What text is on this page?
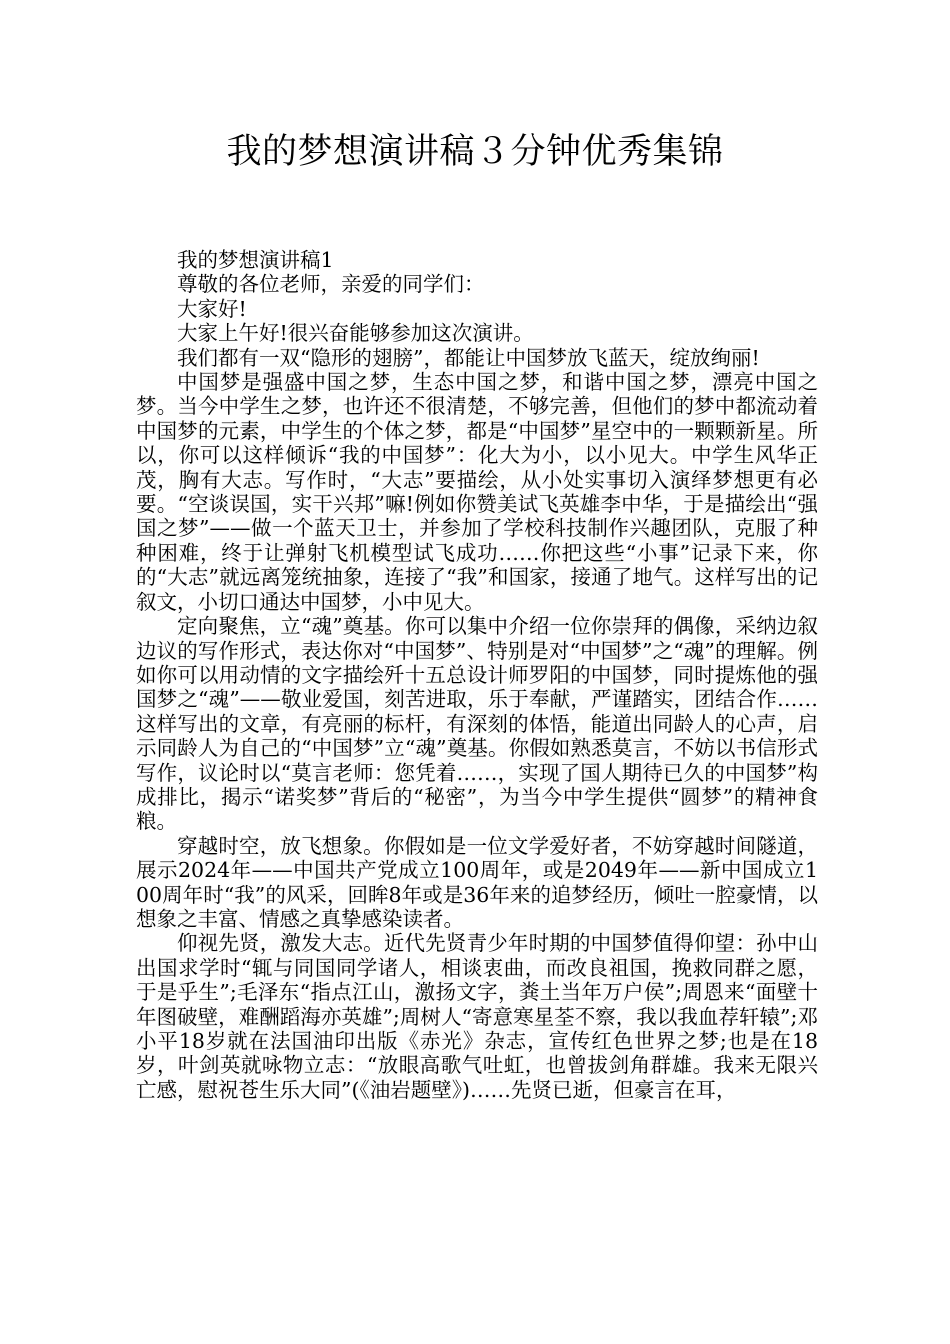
我的梦想演讲稿３分钟优秀集锦

我的梦想演讲稿1

尊敬的各位老师，亲爱的同学们：

大家好!

大家上午好!很兴奋能够参加这次演讲。

我们都有一双“隐形的翅膀”，都能让中国梦放飞蓝天，绽放绚丽!

中国梦是强盛中国之梦，生态中国之梦，和谐中国之梦，漂亮中国之梦。当今中学生之梦，也许还不很清楚，不够完善，但他们的梦中都流动着中国梦的元素，中学生的个体之梦，都是“中国梦”星空中的一颗颗新星。所以，你可以这样倾诉“我的中国梦”：化大为小，以小见大。中学生风华正茂，胸有大志。写作时，“大志”要描绘，从小处实事切入演绎梦想更有必要。“空谈误国，实干兴邦”嘛!例如你赞美试飞英雄李中华，于是描绘出“强国之梦”——做一个蓝天卫士，并参加了学校科技制作兴趣团队，克服了种种困难，终于让弹射飞机模型试飞成功……你把这些“小事”记录下来，你的“大志”就远离笼统抽象，连接了“我”和国家，接通了地气。这样写出的记叙文，小切口通达中国梦，小中见大。

定向聚焦，立“魂”奠基。你可以集中介绍一位你崇拜的偶像，采纳边叙边议的写作形式，表达你对“中国梦”、特别是对“中国梦”之“魂”的理解。例如你可以用动情的文字描绘歼十五总设计师罗阳的中国梦，同时提炼他的强国梦之“魂”——敬业爱国，刻苦进取，乐于奉献，严谨踏实，团结合作……这样写出的文章，有亮丽的标杆，有深刻的体悟，能道出同龄人的心声，启示同龄人为自己的“中国梦”立“魂”奠基。你假如熟悉莫言，不妨以书信形式写作，议论时以“莫言老师：您凭着……，实现了国人期待已久的中国梦”构成排比，揭示“诺奖梦”背后的“秘密”，为当今中学生提供“圆梦”的精神食粮。

穿越时空，放飞想象。你假如是一位文学爱好者，不妨穿越时间隧道，展示2024年——中国共产党成立100周年，或是2049年——新中国成立100周年时“我”的风采，回眸8年或是36年来的追梦经历，倾吐一腔豪情，以想象之丰富、情感之真挚感染读者。

仰视先贤，激发大志。近代先贤青少年时期的中国梦值得仰望：孙中山出国求学时“辄与同国同学诸人，相谈衷曲，而改良祖国，挽救同群之愿，于是乎生”;毛泽东“指点江山，激扬文字，粪土当年万户侯”;周恩来“面壁十年图破壁，难酬蹈海亦英雄”;周树人“寄意寒星荃不察，我以我血荐轩辕”;邓小平18岁就在法国油印出版《赤光》杂志，宣传红色世界之梦;也是在18岁，叶剑英就咏物立志：“放眼高歌气吐虹，也曾拔剑角群雄。我来无限兴亡感，慰祝苍生乐大同”(《油岩题壁》)……先贤已逝，但豪言在耳，
